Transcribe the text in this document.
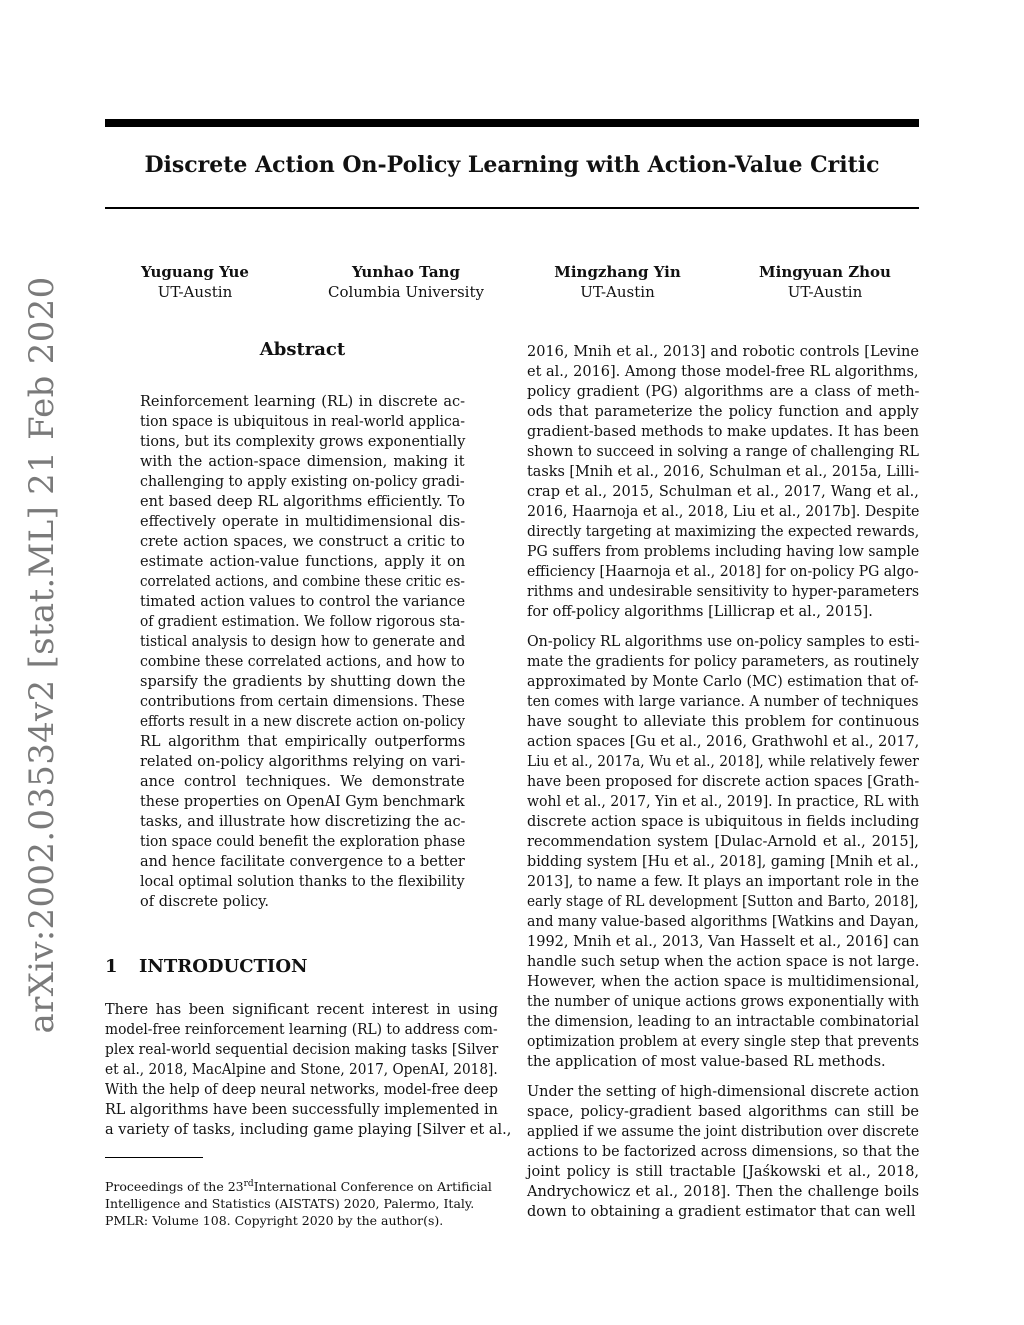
Discrete Action On-Policy Learning with Action-Value Critic
Yuguang Yue
UT-Austin
Yunhao Tang
Columbia University
Mingzhang Yin
UT-Austin
Mingyuan Zhou
UT-Austin
arXiv:2002.03534v2 [stat.ML] 21 Feb 2020	Abstract
Reinforcement learning (RL) in discrete ac-
tion space is ubiquitous in real-world applica-
tions, but its complexity grows exponentially
with the action-space dimension, making it
challenging to apply existing on-policy gradi-
ent based deep RL algorithms efficiently. To
effectively operate in multidimensional dis-
crete action spaces, we construct a critic to
estimate action-value functions, apply it on
correlated actions, and combine these critic es-
timated action values to control the variance
of gradient estimation. We follow rigorous sta-
tistical analysis to design how to generate and
combine these correlated actions, and how to
sparsify the gradients by shutting down the
contributions from certain dimensions. These
efforts result in a new discrete action on-policy
RL algorithm that empirically outperforms
related on-policy algorithms relying on vari-
ance control techniques. We demonstrate
these properties on OpenAI Gym benchmark
tasks, and illustrate how discretizing the ac-
tion space could benefit the exploration phase
and hence facilitate convergence to a better
local optimal solution thanks to the flexibility
of discrete policy.
1 INTRODUCTION
There has been significant recent interest in using
model-free reinforcement learning (RL) to address com-
plex real-world sequential decision making tasks [Silver
et al., 2018, MacAlpine and Stone, 2017, OpenAI, 2018].
With the help of deep neural networks, model-free deep
RL algorithms have been successfully implemented in
a variety of tasks, including game playing [Silver et al.,
2016, Mnih et al., 2013] and robotic controls [Levine
et al., 2016]. Among those model-free RL algorithms,
policy gradient (PG) algorithms are a class of meth-
ods that parameterize the policy function and apply
gradient-based methods to make updates. It has been
shown to succeed in solving a range of challenging RL
tasks [Mnih et al., 2016, Schulman et al., 2015a, Lilli-
crap et al., 2015, Schulman et al., 2017, Wang et al.,
2016, Haarnoja et al., 2018, Liu et al., 2017b]. Despite
directly targeting at maximizing the expected rewards,
PG suffers from problems including having low sample
efficiency [Haarnoja et al., 2018] for on-policy PG algo-
rithms and undesirable sensitivity to hyper-parameters
for off-policy algorithms [Lillicrap et al., 2015].
On-policy RL algorithms use on-policy samples to esti-
mate the gradients for policy parameters, as routinely
approximated by Monte Carlo (MC) estimation that of-
ten comes with large variance. A number of techniques
have sought to alleviate this problem for continuous
action spaces [Gu et al., 2016, Grathwohl et al., 2017,
Liu et al., 2017a, Wu et al., 2018], while relatively fewer
have been proposed for discrete action spaces [Grath-
wohl et al., 2017, Yin et al., 2019]. In practice, RL with
discrete action space is ubiquitous in fields including
recommendation system [Dulac-Arnold et al., 2015],
bidding system [Hu et al., 2018], gaming [Mnih et al.,
2013], to name a few. It plays an important role in the
early stage of RL development [Sutton and Barto, 2018],
and many value-based algorithms [Watkins and Dayan,
1992, Mnih et al., 2013, Van Hasselt et al., 2016] can
handle such setup when the action space is not large.
However, when the action space is multidimensional,
the number of unique actions grows exponentially with
the dimension, leading to an intractable combinatorial
optimization problem at every single step that prevents
the application of most value-based RL methods.
Under the setting of high-dimensional discrete action
space, policy-gradient based algorithms can still be
applied if we assume the joint distribution over discrete
actions to be factorized across dimensions, so that the
joint policy is still tractable [Jaśkowski et al., 2018,
Andrychowicz et al., 2018]. Then the challenge boils
down to obtaining a gradient estimator that can well
Proceedings of the 23rdInternational Conference on Artificial
Intelligence and Statistics (AISTATS) 2020, Palermo, Italy.
PMLR: Volume 108. Copyright 2020 by the author(s).
